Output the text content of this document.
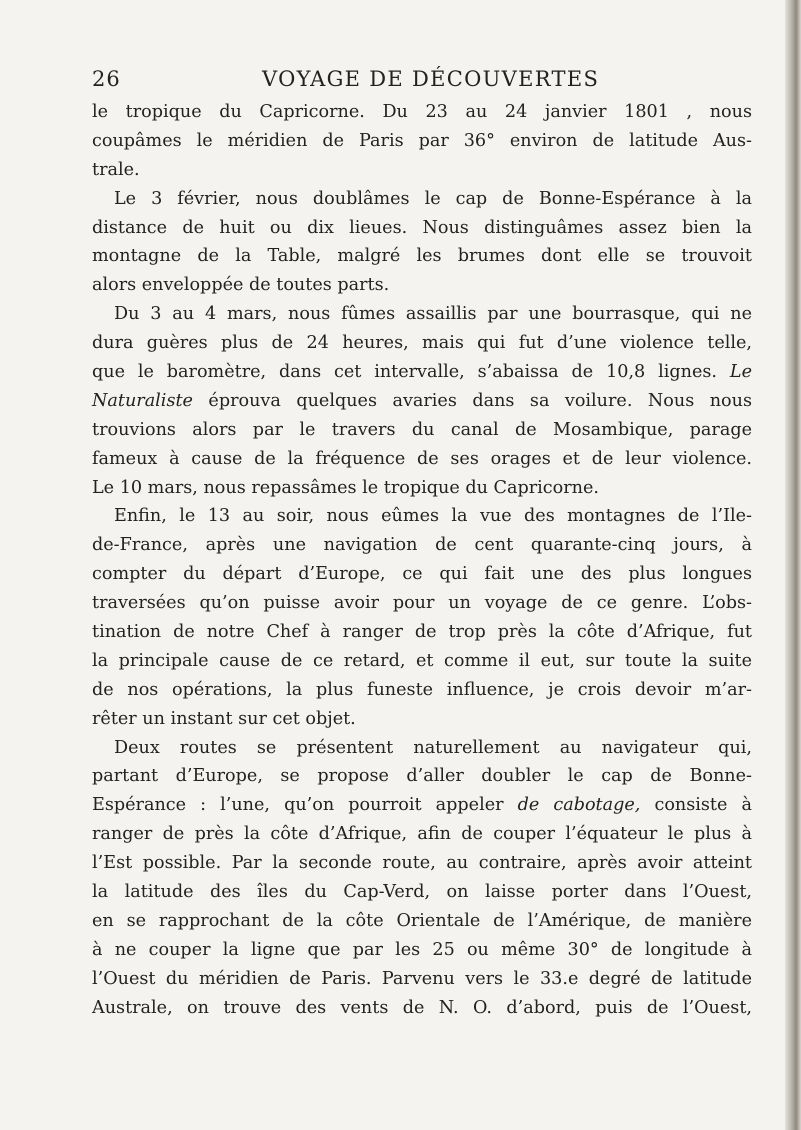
26	VOYAGE DE DÉCOUVERTES
le tropique du Capricorne. Du 23 au 24 janvier 1801 , nous
coupâmes le méridien de Paris par 36° environ de latitude Aus-
trale.
Le 3 février, nous doublâmes le cap de Bonne-Espérance à la
distance de huit ou dix lieues. Nous distinguâmes assez bien la
montagne de la Table, malgré les brumes dont elle se trouvoit
alors enveloppée de toutes parts.
Du 3 au 4 mars, nous fûmes assaillis par une bourrasque, qui ne
dura guères plus de 24 heures, mais qui fut d’une violence telle,
que le baromètre, dans cet intervalle, s’abaissa de 10,8 lignes. Le
Naturaliste éprouva quelques avaries dans sa voilure. Nous nous
trouvions alors par le travers du canal de Mosambique, parage
fameux à cause de la fréquence de ses orages et de leur violence.
Le 10 mars, nous repassâmes le tropique du Capricorne.
Enfin, le 13 au soir, nous eûmes la vue des montagnes de l’Ile-
de-France, après une navigation de cent quarante-cinq jours, à
compter du départ d’Europe, ce qui fait une des plus longues
traversées qu’on puisse avoir pour un voyage de ce genre. L’obs-
tination de notre Chef à ranger de trop près la côte d’Afrique, fut
la principale cause de ce retard, et comme il eut, sur toute la suite
de nos opérations, la plus funeste influence, je crois devoir m’ar-
rêter un instant sur cet objet.
Deux routes se présentent naturellement au navigateur qui,
partant d’Europe, se propose d’aller doubler le cap de Bonne-
Espérance : l’une, qu’on pourroit appeler de cabotage, consiste à
ranger de près la côte d’Afrique, afin de couper l’équateur le plus à
l’Est possible. Par la seconde route, au contraire, après avoir atteint
la latitude des îles du Cap-Verd, on laisse porter dans l’Ouest,
en se rapprochant de la côte Orientale de l’Amérique, de manière
à ne couper la ligne que par les 25 ou même 30° de longitude à
l’Ouest du méridien de Paris. Parvenu vers le 33.e degré de latitude
Australe, on trouve des vents de N. O. d’abord, puis de l’Ouest,
